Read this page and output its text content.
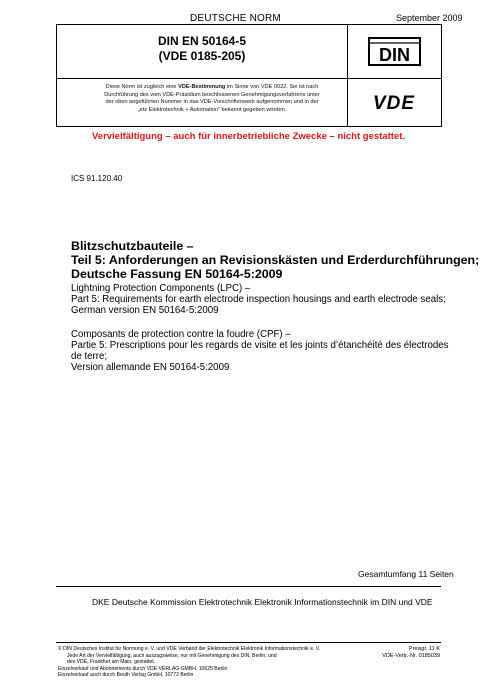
DEUTSCHE NORM	September 2009
DIN EN 50164-5
(VDE 0185-205)
Diese Norm ist zugleich eine VDE-Bestimmung im Sinne von VDE 0022. Sie ist nach
Durchführung des vom VDE-Präsidium beschlossenen Genehmigungsverfahrens unter
der oben angeführten Nummer in das VDE-Vorschriftenwerk aufgenommen und in der
„etz Elektrotechnik + Automation“ bekannt gegeben worden.
DIN
VDE
Vervielfältigung – auch für innerbetriebliche Zwecke – nicht gestattet.
ICS 91.120.40
Blitzschutzbauteile –
Teil 5: Anforderungen an Revisionskästen und Erderdurchführungen;
Deutsche Fassung EN 50164-5:2009
Lightning Protection Components (LPC) –
Part 5: Requirements for earth electrode inspection housings and earth electrode seals;
German version EN 50164-5:2009
Composants de protection contre la foudre (CPF) –
Partie 5: Prescriptions pour les regards de visite et les joints d’étanchéité des électrodes
de terre;
Version allemande EN 50164-5:2009
Gesamtumfang 11 Seiten
DKE Deutsche Kommission Elektrotechnik Elektronik Informationstechnik im DIN und VDE
© DIN Deutsches Institut für Normung e. V. und VDE Verband der Elektrotechnik Elektronik Informationstechnik e. V.
Jede Art der Vervielfältigung, auch auszugsweise, nur mit Genehmigung des DIN, Berlin, und
des VDE, Frankfurt am Main, gestattet.
Einzelverkauf und Abonnements durch VDE VERLAG GMBH, 10625 Berlin
Einzelverkauf auch durch Beuth Verlag GmbH, 10772 Berlin
Preisgr. 11 K
VDE-Vertr.-Nr. 0185039
